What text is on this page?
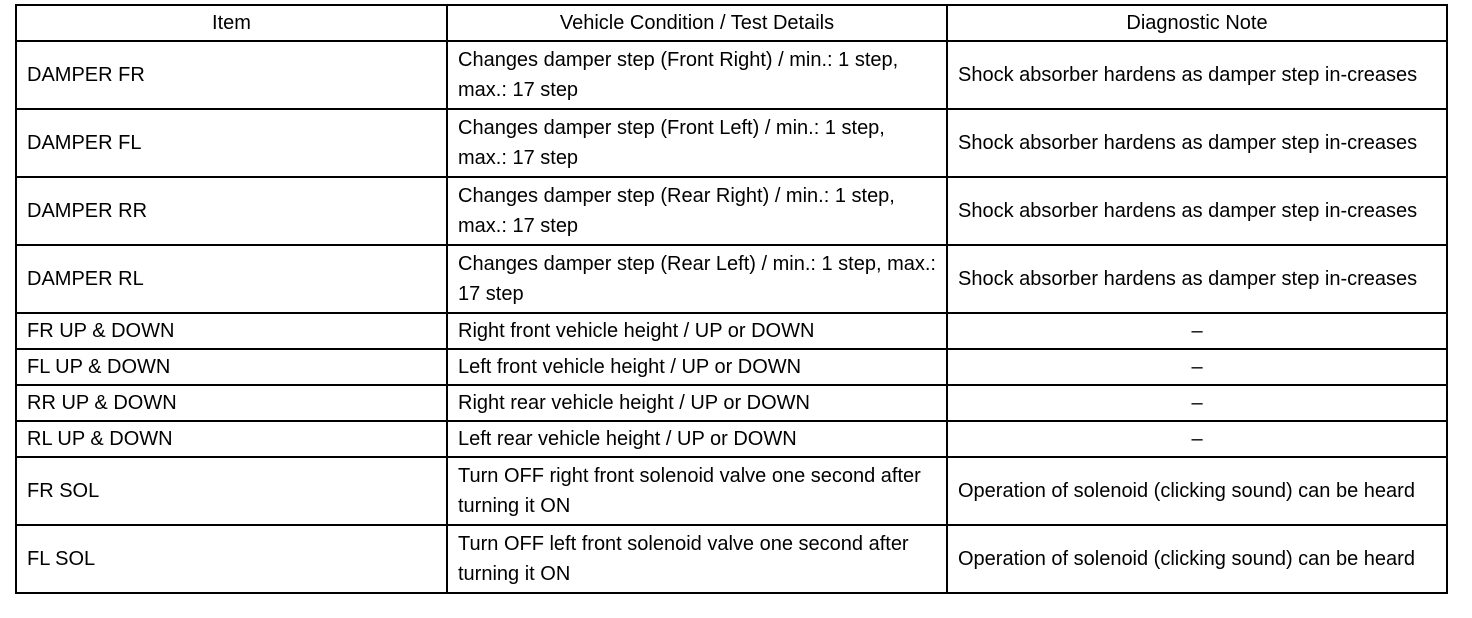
Item	Vehicle Condition / Test Details	Diagnostic Note
DAMPER FR	Changes damper step (Front Right) / min.: 1 step, max.: 17 step	Shock absorber hardens as damper step in-creases
DAMPER FL	Changes damper step (Front Left) / min.: 1 step, max.: 17 step	Shock absorber hardens as damper step in-creases
DAMPER RR	Changes damper step (Rear Right) / min.: 1 step, max.: 17 step	Shock absorber hardens as damper step in-creases
DAMPER RL	Changes damper step (Rear Left) / min.: 1 step, max.: 17 step	Shock absorber hardens as damper step in-creases
FR UP & DOWN	Right front vehicle height / UP or DOWN	–
FL UP & DOWN	Left front vehicle height / UP or DOWN	–
RR UP & DOWN	Right rear vehicle height / UP or DOWN	–
RL UP & DOWN	Left rear vehicle height / UP or DOWN	–
FR SOL	Turn OFF right front solenoid valve one second after turning it ON	Operation of solenoid (clicking sound) can be heard
FL SOL	Turn OFF left front solenoid valve one second after turning it ON	Operation of solenoid (clicking sound) can be heard
